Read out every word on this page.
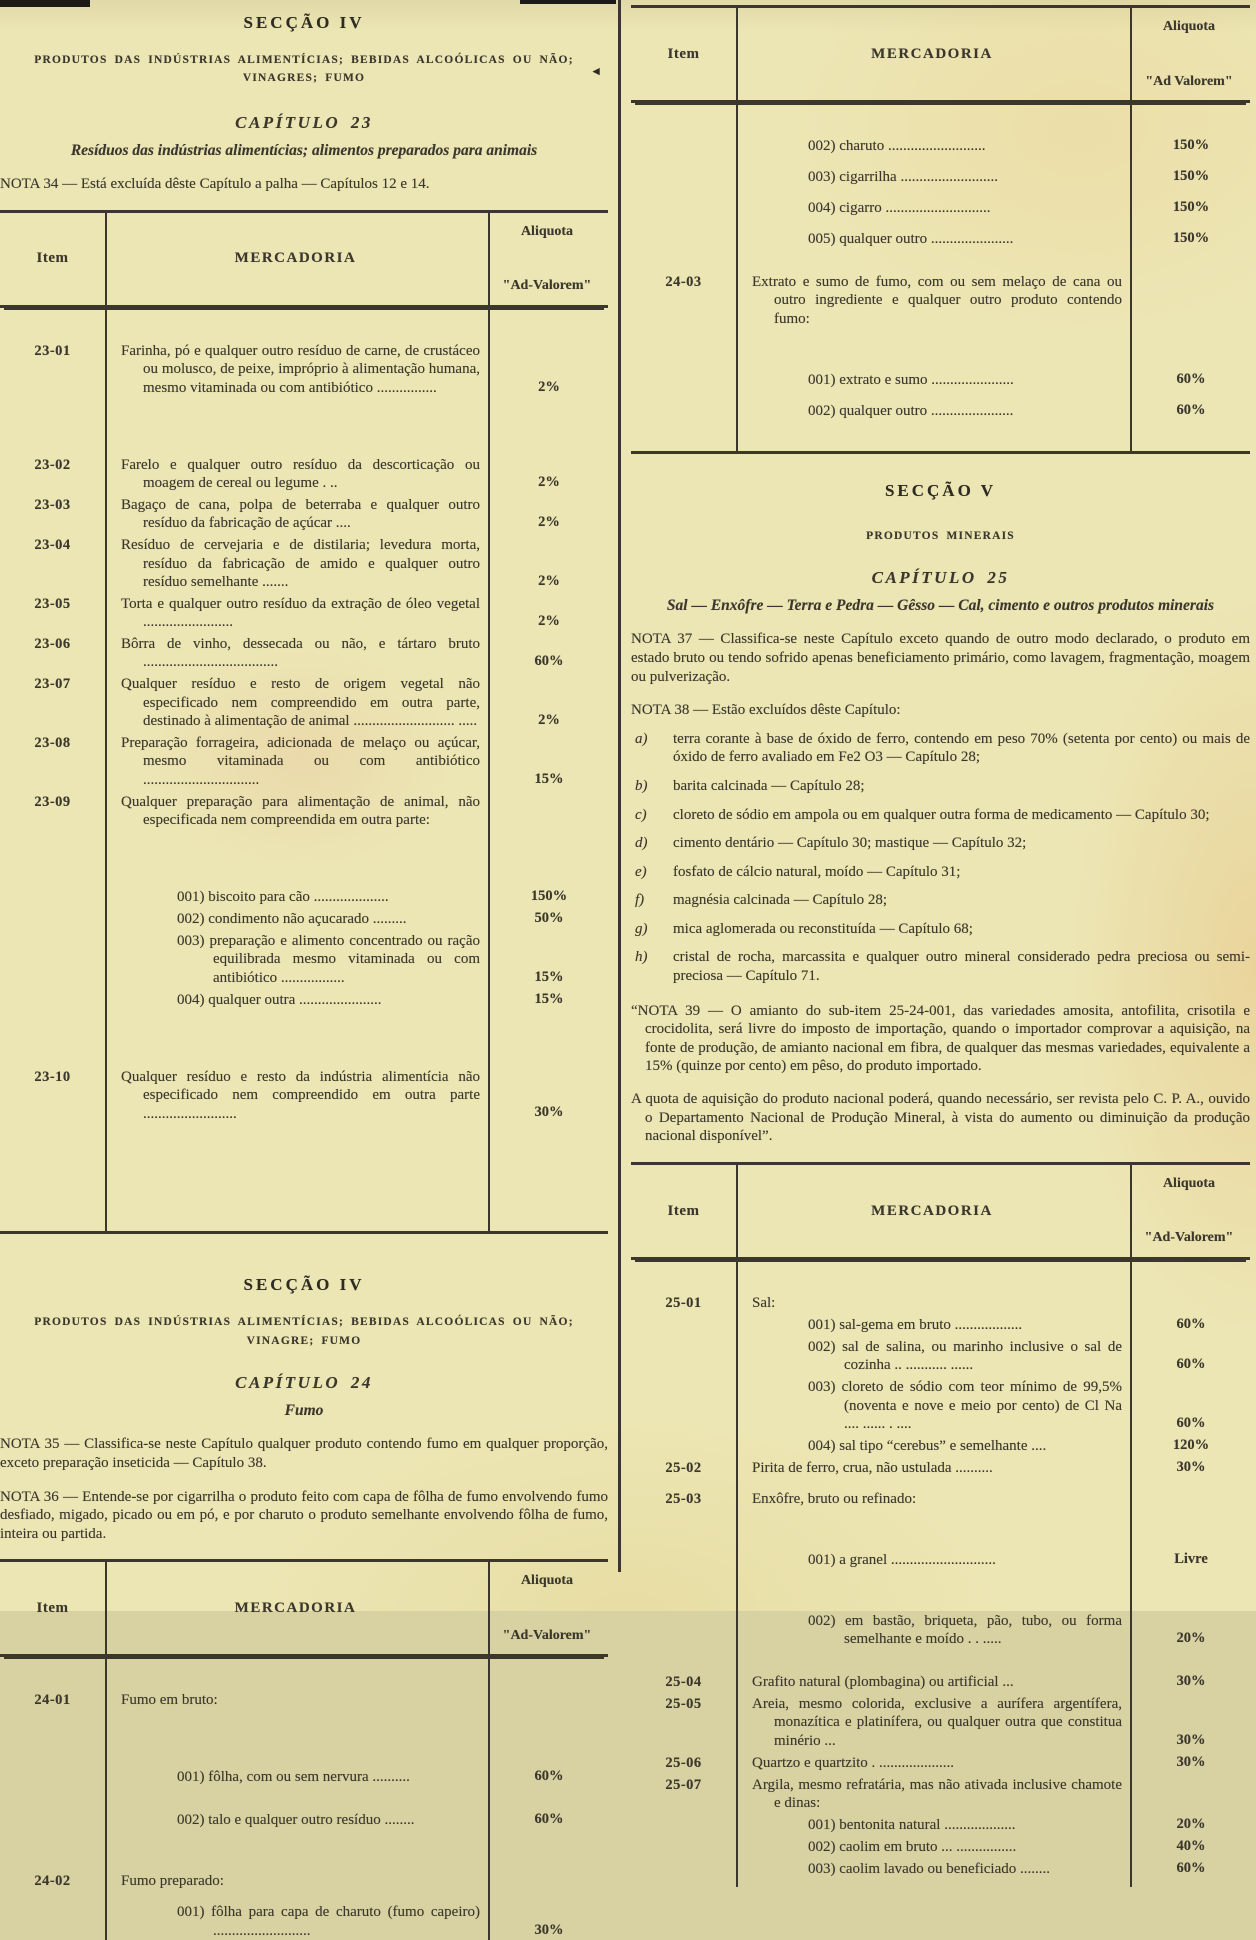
SECÇÃO IV
PRODUTOS DAS INDÚSTRIAS ALIMENTÍCIAS; BEBIDAS ALCOÓLICAS OU NÃO;
VINAGRES; FUMO
◄
CAPÍTULO 23
Resíduos das indústrias alimentícias; alimentos preparados para animais
NOTA 34 — Está excluída dêste Capítulo a palha — Capítulos 12 e 14.
Item	MERCADORIA
Aliquota
"Ad-Valorem"
23-01	Farinha, pó e qualquer outro resíduo de carne, de crustáceo ou molusco, de peixe, impróprio à alimentação humana, mesmo vitaminada ou com antibiótico ................	2%
23-02	Farelo e qualquer outro resíduo da descorticação ou moagem de cereal ou legume . ..	2%
23-03	Bagaço de cana, polpa de beterraba e qualquer outro resíduo da fabricação de açúcar ....	2%
23-04	Resíduo de cervejaria e de distilaria; levedura morta, resíduo da fabricação de amido e qualquer outro resíduo semelhante .......	2%
23-05	Torta e qualquer outro resíduo da extração de óleo vegetal ........................	2%
23-06	Bôrra de vinho, dessecada ou não, e tártaro bruto ....................................	60%
23-07	Qualquer resíduo e resto de origem vegetal não especificado nem compreendido em outra parte, destinado à alimentação de animal ........................... .....	2%
23-08	Preparação forrageira, adicionada de melaço ou açúcar, mesmo vitaminada ou com antibiótico ...............................	15%
23-09	Qualquer preparação para alimentação de animal, não especificada nem compreendida em outra parte:

001) biscoito para cão ....................	150%

002) condimento não açucarado .........	50%

003) preparação e alimento concentrado ou ração equilibrada mesmo vitaminada ou com antibiótico .................	15%

004) qualquer outra ......................	15%
23-10	Qualquer resíduo e resto da indústria alimentícia não especificado nem compreendido em outra parte .........................	30%
SECÇÃO IV
PRODUTOS DAS INDÚSTRIAS ALIMENTÍCIAS; BEBIDAS ALCOÓLICAS OU NÃO;
VINAGRE; FUMO
CAPÍTULO 24
Fumo
NOTA 35 — Classifica-se neste Capítulo qualquer produto contendo fumo em qualquer proporção, exceto preparação inseticida — Capítulo 38.
NOTA 36 — Entende-se por cigarrilha o produto feito com capa de fôlha de fumo envolvendo fumo desfiado, migado, picado ou em pó, e por charuto o produto semelhante envolvendo fôlha de fumo, inteira ou partida.
Item	MERCADORIA
Aliquota
"Ad-Valorem"
24-01	Fumo em bruto:

001) fôlha, com ou sem nervura ..........	60%

002) talo e qualquer outro resíduo ........	60%
24-02	Fumo preparado:

001) fôlha para capa de charuto (fumo capeiro) ..........................	30%
Item	MERCADORIA
Aliquota
"Ad Valorem"

002) charuto ..........................	150%

003) cigarrilha ..........................	150%

004) cigarro ............................	150%

005) qualquer outro ......................	150%
24-03	Extrato e sumo de fumo, com ou sem melaço de cana ou outro ingrediente e qualquer outro produto contendo fumo:

001) extrato e sumo ......................	60%

002) qualquer outro ......................	60%
SECÇÃO V
PRODUTOS MINERAIS
CAPÍTULO 25
Sal — Enxôfre — Terra e Pedra — Gêsso — Cal, cimento e outros produtos minerais
NOTA 37 — Classifica-se neste Capítulo exceto quando de outro modo declarado, o produto em estado bruto ou tendo sofrido apenas beneficiamento primário, como lavagem, fragmentação, moagem ou pulverização.
NOTA 38 — Estão excluídos dêste Capítulo:
a)	terra corante à base de óxido de ferro, contendo em peso 70% (setenta por cento) ou mais de óxido de ferro avaliado em Fe2 O3 — Capítulo 28;
b)	barita calcinada — Capítulo 28;
c)	cloreto de sódio em ampola ou em qualquer outra forma de medicamento — Capítulo 30;
d)	cimento dentário — Capítulo 30; mastique — Capítulo 32;
e)	fosfato de cálcio natural, moído — Capítulo 31;
f)	magnésia calcinada — Capítulo 28;
g)	mica aglomerada ou reconstituída — Capítulo 68;
h)	cristal de rocha, marcassita e qualquer outro mineral considerado pedra preciosa ou semi-preciosa — Capítulo 71.
“NOTA 39 — O amianto do sub-item 25-24-001, das variedades amosita, antofilita, crisotila e crocidolita, será livre do imposto de importação, quando o importador comprovar a aquisição, na fonte de produção, de amianto nacional em fibra, de qualquer das mesmas variedades, equivalente a 15% (quinze por cento) em pêso, do produto importado.
A quota de aquisição do produto nacional poderá, quando necessário, ser revista pelo C. P. A., ouvido o Departamento Nacional de Produção Mineral, à vista do aumento ou diminuição da produção nacional disponível”.
Item	MERCADORIA
Aliquota
"Ad-Valorem"
25-01	Sal:

001) sal-gema em bruto ..................	60%

002) sal de salina, ou marinho inclusive o sal de cozinha .. ........... ......	60%

003) cloreto de sódio com teor mínimo de 99,5% (noventa e nove e meio por cento) de Cl Na .... ...... . ....	60%

004) sal tipo “cerebus” e semelhante ....	120%
25-02	Pirita de ferro, crua, não ustulada ..........	30%
25-03	Enxôfre, bruto ou refinado:

001) a granel ............................	Livre

002) em bastão, briqueta, pão, tubo, ou forma semelhante e moído . . .....	20%
25-04	Grafito natural (plombagina) ou artificial ...	30%
25-05	Areia, mesmo colorida, exclusive a aurífera argentífera, monazítica e platinífera, ou qualquer outra que constitua minério ...	30%
25-06	Quartzo e quartzito . ....................	30%
25-07	Argila, mesmo refratária, mas não ativada inclusive chamote e dinas:

001) bentonita natural ...................	20%

002) caolim em bruto ... ................	40%

003) caolim lavado ou beneficiado ........	60%
